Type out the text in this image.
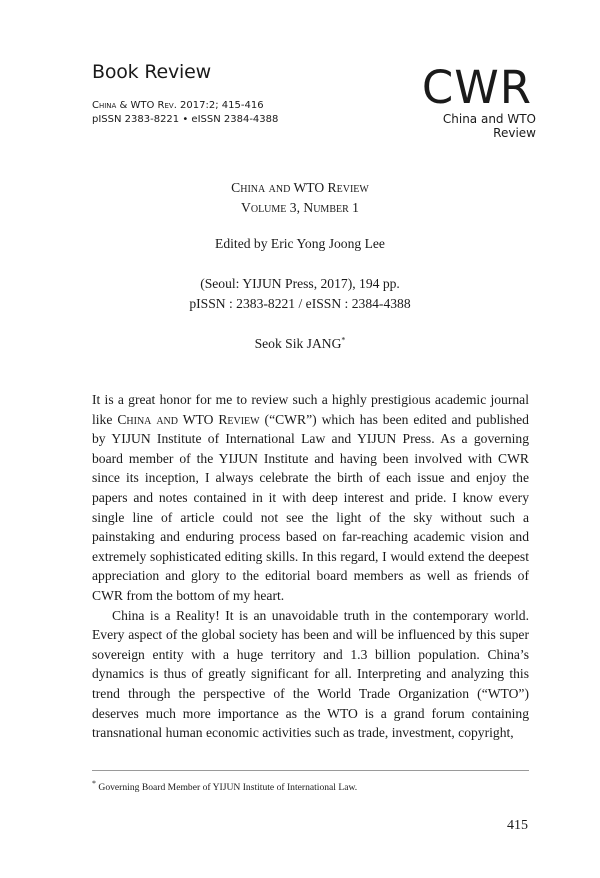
Book Review
China & WTO Rev. 2017:2; 415-416
pISSN 2383-8221 • eISSN 2384-4388
CWR
China and WTO Review
China and WTO Review
Volume 3, Number 1
Edited by Eric Yong Joong Lee
(Seoul: YIJUN Press, 2017), 194 pp.
pISSN : 2383-8221 / eISSN : 2384-4388
Seok Sik JANG*

It is a great honor for me to review such a highly prestigious academic journal like China and WTO Review (“CWR”) which has been edited and published by YIJUN Institute of International Law and YIJUN Press. As a governing board member of the YIJUN Institute and having been involved with CWR since its inception, I always celebrate the birth of each issue and enjoy the papers and notes contained in it with deep interest and pride. I know every single line of article could not see the light of the sky without such a painstaking and enduring process based on far-reaching academic vision and extremely sophisticated editing skills. In this regard, I would extend the deepest appreciation and glory to the editorial board members as well as friends of CWR from the bottom of my heart.

China is a Reality! It is an unavoidable truth in the contemporary world. Every aspect of the global society has been and will be influenced by this super sovereign entity with a huge territory and 1.3 billion population. China’s dynamics is thus of greatly significant for all. Interpreting and analyzing this trend through the perspective of the World Trade Organization (“WTO”) deserves much more importance as the WTO is a grand forum containing transnational human economic activities such as trade, investment, copyright,

* Governing Board Member of YIJUN Institute of International Law.
415
